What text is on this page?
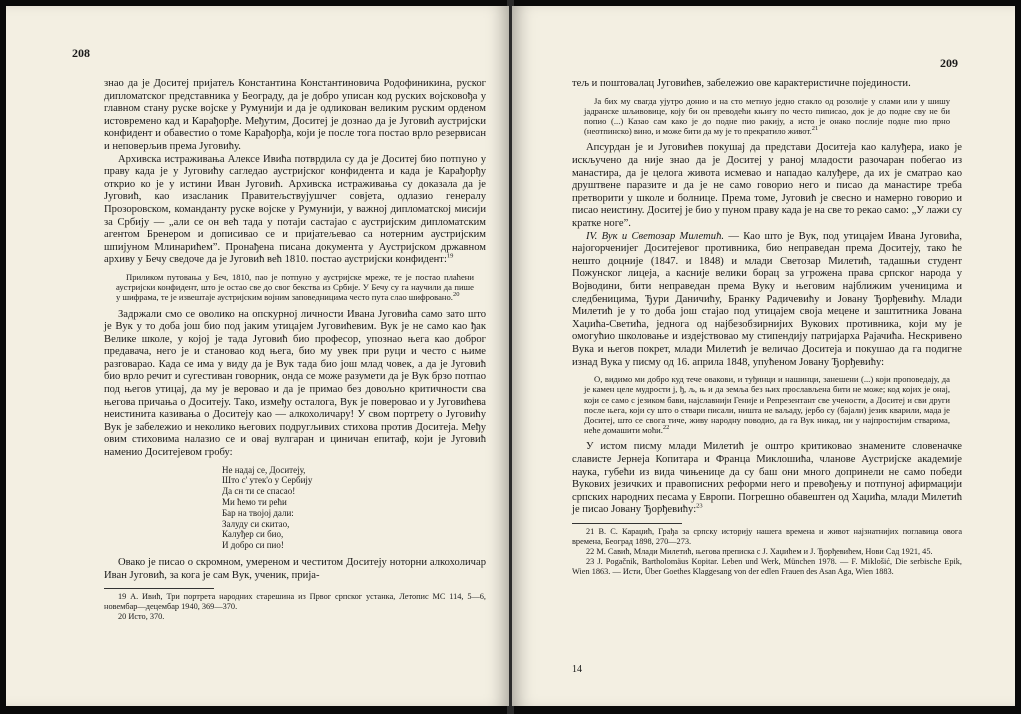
208

знао да је Доситеј пријатељ Константина Константиновича Родофиникина, руског дипломатског представника у Београду, да је добро уписан код руских војсковођа у главном стану руске војске у Румунији и да је одликован великим руским орденом истовремено кад и Карађорђе. Међутим, Доситеј је дознао да је Југовић аустријски конфидент и обавестио о томе Карађорђа, који је после тога постао врло резервисан и неповерљив према Југовићу.

Архивска истраживања Алексе Ивића потврдила су да је Доситеј био потпуно у праву када је у Југовићу сагледао аустријског конфидента и када је Карађорђу открио ко је у истини Иван Југовић. Архивска истраживања су доказала да је Југовић, као изасланик Правитељствујушчег совјета, одлазио генералу Прозоровском, команданту руске војске у Румунији, у важној дипломатској мисији за Србију — „али се он већ тада у потаји састајао с аустријским дипломатским агентом Бренером и дописивао се и пријатељевао са нотерним аустријским шпијуном Млинарићем”. Пронађена писана документа у Аустријском државном архиву у Бечу сведоче да је Југовић већ 1810. постао аустријски конфидент:$^{19}$

Приликом путовања у Беч, 1810, пао је потпуно у аустријске мреже, те је постао плаћени аустријски конфидент, што је остао све до свог бекства из Србије. У Бечу су га научили да пише у шифрама, те је извештаје аустријским војним заповедницима често пута слао шифровано.$^{20}$

Задржали смо се оволико на опскурној личности Ивана Југовића само зато што је Вук у то доба још био под јаким утицајем Југовићевим. Вук је не само као ђак Велике школе, у којој је тада Југовић био професор, упознао њега као доброг предавача, него је и становао код њега, био му увек при руци и често с њиме разговарао. Када се има у виду да је Вук тада био још млад човек, а да је Југовић био врло речит и сугестиван говорник, онда се може разумети да је Вук брзо потпао под његов утицај, да му је веровао и да је примао без довољно критичности сва његова причања о Доситеју. Тако, између осталога, Вук је поверовао и у Југовићева неистинита казивања о Доситеју као — алкохоличару! У свом портрету о Југовићу Вук је забележио и неколико његових подругљивих стихова против Доситеја. Међу овим стиховима налазио се и овај вулгаран и циничан епитаф, који је Југовић наменио Доситејевом гробу:

Не надај се, Доситеју,
Што с' утек'о у Сербију
Да сн ти се спасао!
Ми ћемо ти рећи
Бар на твојој дали:
Залуду си скитао,
Калуђер си био,
И добро си пио!

Овако је писао о скромном, умереном и честитом Доситеју ноторни алкохоличар Иван Југовић, за кога је сам Вук, ученик, прија-

19 А. Ивић, Три портрета народних старешина из Првог српског устанка, Летопис МС 114, 5—6, новембар—децембар 1940, 369—370.

20 Исто, 370.

209

тељ и поштовалац Југовићев, забележио ове карактеристичне појединости.

Ја бих му свагда ујутро донио и на сто метнуо једно стакло од розолије у слами или у шишу јадранске шљивовице, коју би он преводећи књигу по често пиписао, док је до подне сву не би попио (...) Казао сам како је до подне пио ракију, а исто је онако послије подне пио прно (неотпинско) вино, и може бити да му је то прекратило живот.$^{21}$

Апсурдан је и Југовићев покушај да представи Доситеја као калуђера, иако је искључено да није знао да је Доситеј у раној младости разочаран побегао из манастира, да је целога живота исмевао и нападао калуђере, да их је сматрао као друштвене паразите и да је не само говорио него и писао да манастире треба претворити у школе и болнице. Према томе, Југовић је свесно и намерно говорио и писао неистину. Доситеј је био у пуном праву када је на све то рекао само: „У лажи су кратке ноге”.

IV. Вук и Светозар Милетић. — Као што је Вук, под утицајем Ивана Југовића, најогорченијег Доситејевог противника, био неправедан према Доситеју, тако ће нешто доцније (1847. и 1848) и млади Светозар Милетић, тадашњи студент Пожунског лицеја, а касније велики борац за угрожена права српског народа у Војводини, бити неправедан према Вуку и његовим најближим ученицима и следбеницима, Ђури Даничићу, Бранку Радичевићу и Јовану Ђорђевићу. Млади Милетић је у то доба још стајао под утицајем своја мецене и заштитника Јована Хаџића-Светића, једнога од најбезобзирнијих Вукових противника, који му је омогућио школовање и издејствовао му стипендију патријарха Рајачића. Нескривено Вука и његов покрет, млади Милетић је величао Доситеја и покушао да га подигне изнад Вука у писму од 16. априла 1848, упућеном Јовану Ђорђевићу:

О, видимо ми добро куд тече овакови, и туђинци и нашинци, занешени (...) који проповедају, да је камен целе мудрости ј, ђ, љ, њ и да земља без њих прослављена бити не може; код којих је онај, који се само с језиком бави, најславнији Геније и Репрезентант све учености, а Доситеј и сви други после њега, који су што о ствари писали, ништа не ваљаду, јербо су (бајали) језик кварили, мада је Доситеј, што се свога тиче, живу народну поводио, да га Вук никад, ни у најпростијим стварима, неће домашити моћи.$^{22}$

У истом писму млади Милетић је оштро критиковао знамените словеначке слависте Јернеја Копитара и Франца Миклошића, чланове Аустријске академије наука, губећи из вида чињенице да су баш они много допринели не само победи Вукових језичких и правописних реформи него и превођењу и потпуној афирмацији српских народних песама у Европи. Погрешно обавештен од Хаџића, млади Милетић је писао Јовану Ђорђевићу:$^{23}$

21 В. С. Караџић, Грађа за српску историју нашега времена и живот најзнатнијих поглавица овога времена, Београд 1898, 270—273.

22 М. Савић, Млади Милетић, његова преписка с Ј. Хаџићем и Ј. Ђорђевићем, Нови Сад 1921, 45.

23 J. Pogačnik, Bartholomäus Kopitar. Leben und Werk, München 1978. — F. Miklošić, Die serbische Epik, Wien 1863. — Исти, Über Goethes Klaggesang von der edlen Frauen des Asan Aga, Wien 1883.

14
